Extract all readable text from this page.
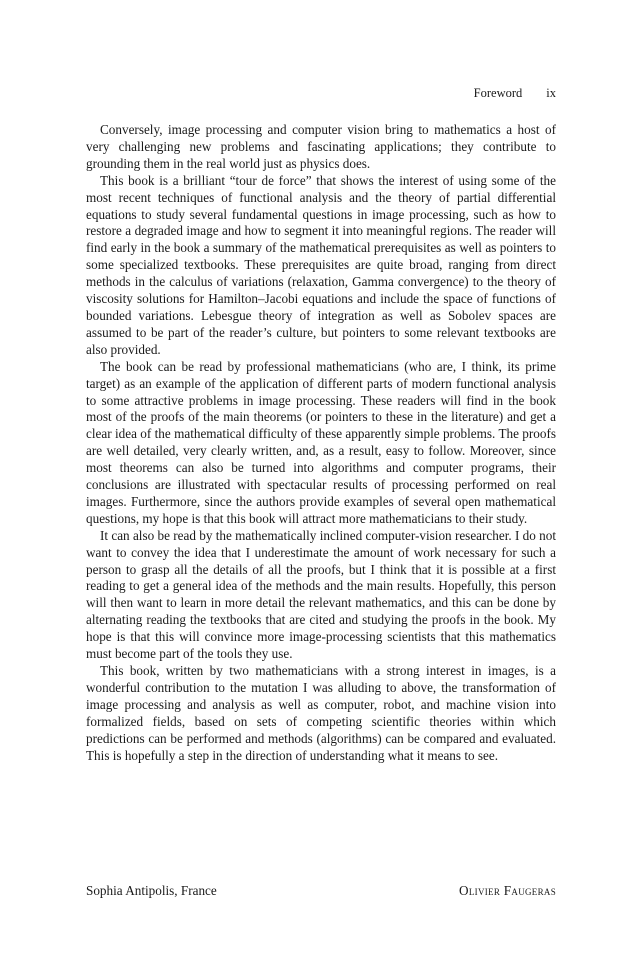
Foreword ix

Conversely, image processing and computer vision bring to mathematics a host of very challenging new problems and fascinating applications; they contribute to grounding them in the real world just as physics does.

This book is a brilliant “tour de force” that shows the interest of using some of the most recent techniques of functional analysis and the theory of partial differential equations to study several fundamental questions in image processing, such as how to restore a degraded image and how to segment it into meaningful regions. The reader will find early in the book a summary of the mathematical prerequisites as well as pointers to some specialized textbooks. These prerequisites are quite broad, ranging from direct methods in the calculus of variations (relaxation, Gamma convergence) to the theory of viscosity solutions for Hamilton–Jacobi equations and include the space of functions of bounded variations. Lebesgue theory of integration as well as Sobolev spaces are assumed to be part of the reader’s culture, but pointers to some relevant textbooks are also provided.

The book can be read by professional mathematicians (who are, I think, its prime target) as an example of the application of different parts of modern functional analysis to some attractive problems in image processing. These readers will find in the book most of the proofs of the main theorems (or pointers to these in the literature) and get a clear idea of the mathematical difficulty of these apparently simple problems. The proofs are well detailed, very clearly written, and, as a result, easy to follow. Moreover, since most theorems can also be turned into algorithms and computer programs, their conclusions are illustrated with spectacular results of processing performed on real images. Furthermore, since the authors provide examples of several open mathematical questions, my hope is that this book will attract more mathematicians to their study.

It can also be read by the mathematically inclined computer-vision researcher. I do not want to convey the idea that I underestimate the amount of work necessary for such a person to grasp all the details of all the proofs, but I think that it is possible at a first reading to get a general idea of the methods and the main results. Hopefully, this person will then want to learn in more detail the relevant mathematics, and this can be done by alternating reading the textbooks that are cited and studying the proofs in the book. My hope is that this will convince more image-processing scientists that this mathematics must become part of the tools they use.

This book, written by two mathematicians with a strong interest in images, is a wonderful contribution to the mutation I was alluding to above, the transformation of image processing and analysis as well as computer, robot, and machine vision into formalized fields, based on sets of competing scientific theories within which predictions can be performed and methods (algorithms) can be compared and evaluated. This is hopefully a step in the direction of understanding what it means to see.

Sophia Antipolis, France	Olivier Faugeras
